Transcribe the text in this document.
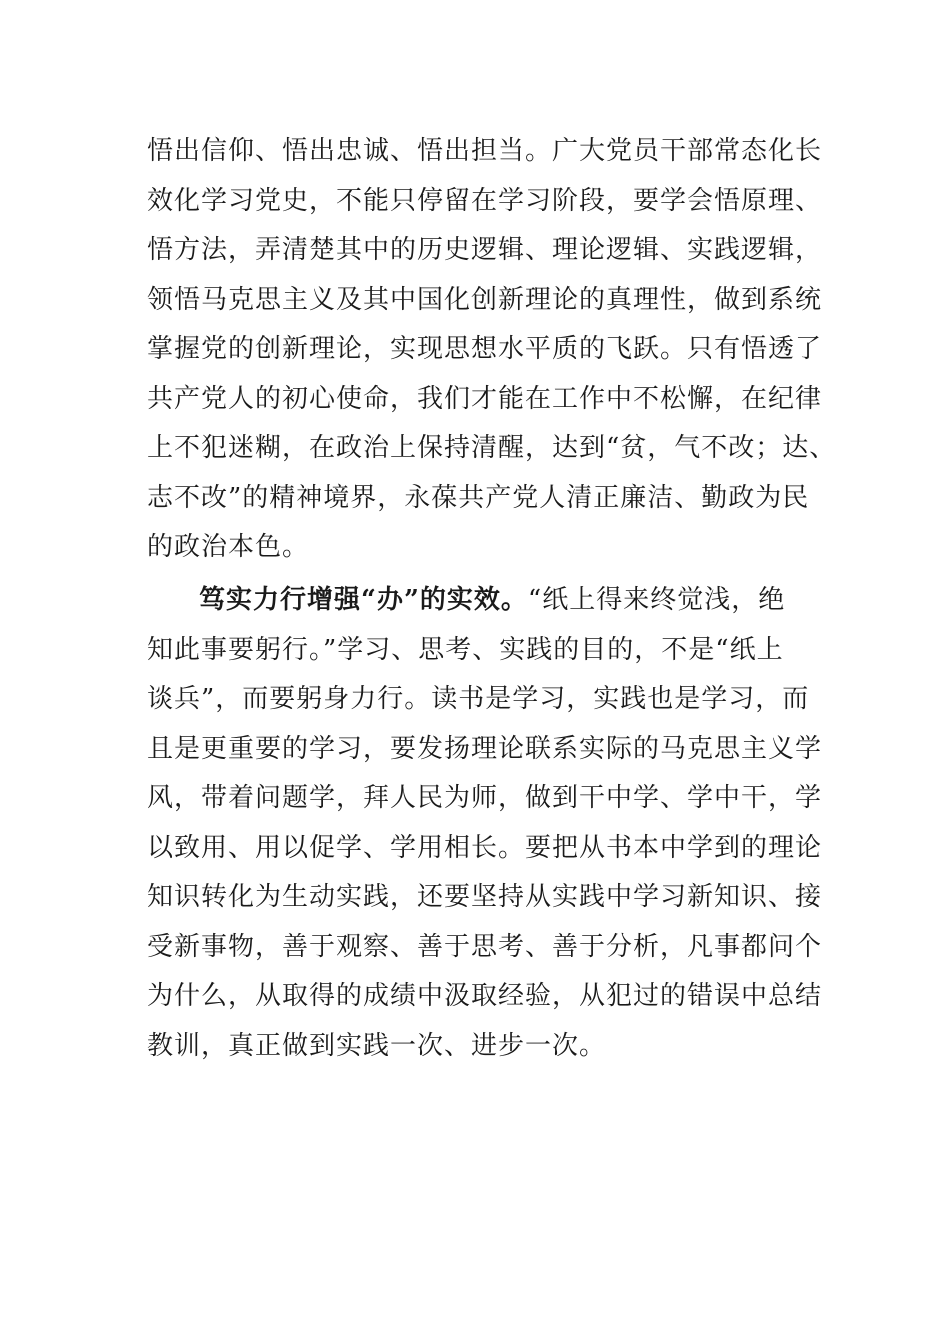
悟出信仰、悟出忠诚、悟出担当。广大党员干部常态化长
效化学习党史，不能只停留在学习阶段，要学会悟原理、
悟方法，弄清楚其中的历史逻辑、理论逻辑、实践逻辑，
领悟马克思主义及其中国化创新理论的真理性，做到系统
掌握党的创新理论，实现思想水平质的飞跃。只有悟透了
共产党人的初心使命，我们才能在工作中不松懈，在纪律
上不犯迷糊，在政治上保持清醒，达到“贫，气不改；达、
志不改”的精神境界，永葆共产党人清正廉洁、勤政为民
的政治本色。
笃实力行增强“办”的实效。“纸上得来终觉浅，绝
知此事要躬行。”学习、思考、实践的目的，不是“纸上
谈兵”，而要躬身力行。读书是学习，实践也是学习，而
且是更重要的学习，要发扬理论联系实际的马克思主义学
风，带着问题学，拜人民为师，做到干中学、学中干，学
以致用、用以促学、学用相长。要把从书本中学到的理论
知识转化为生动实践，还要坚持从实践中学习新知识、接
受新事物，善于观察、善于思考、善于分析，凡事都问个
为什么，从取得的成绩中汲取经验，从犯过的错误中总结
教训，真正做到实践一次、进步一次。
